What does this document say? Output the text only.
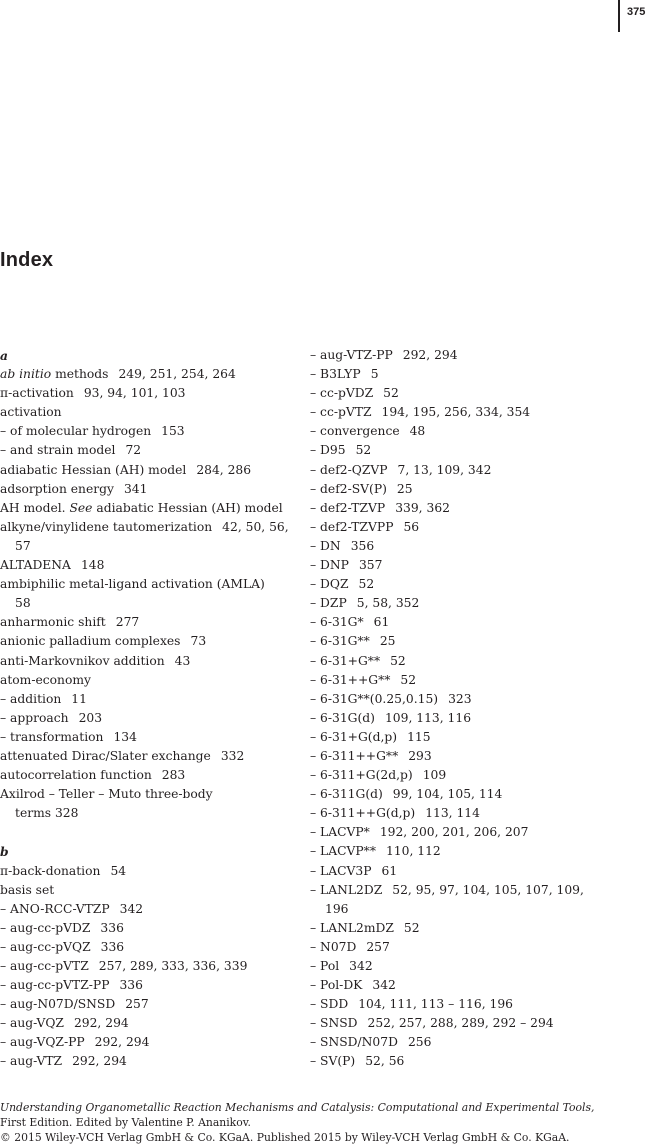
375
Index
a
ab initio methods 249, 251, 254, 264
π-activation 93, 94, 101, 103
activation
– of molecular hydrogen 153
– and strain model 72
adiabatic Hessian (AH) model 284, 286
adsorption energy 341
AH model. See adiabatic Hessian (AH) model
alkyne/vinylidene tautomerization 42, 50, 56,
57
ALTADENA 148
ambiphilic metal-ligand activation (AMLA)
58
anharmonic shift 277
anionic palladium complexes 73
anti-Markovnikov addition 43
atom-economy
– addition 11
– approach 203
– transformation 134
attenuated Dirac/Slater exchange 332
autocorrelation function 283
Axilrod – Teller – Muto three-body
terms 328
b
π-back-donation 54
basis set
– ANO-RCC-VTZP 342
– aug-cc-pVDZ 336
– aug-cc-pVQZ 336
– aug-cc-pVTZ 257, 289, 333, 336, 339
– aug-cc-pVTZ-PP 336
– aug-N07D/SNSD 257
– aug-VQZ 292, 294
– aug-VQZ-PP 292, 294
– aug-VTZ 292, 294
– aug-VTZ-PP 292, 294
– B3LYP 5
– cc-pVDZ 52
– cc-pVTZ 194, 195, 256, 334, 354
– convergence 48
– D95 52
– def2-QZVP 7, 13, 109, 342
– def2-SV(P) 25
– def2-TZVP 339, 362
– def2-TZVPP 56
– DN 356
– DNP 357
– DQZ 52
– DZP 5, 58, 352
– 6-31G* 61
– 6-31G** 25
– 6-31+G** 52
– 6-31++G** 52
– 6-31G**(0.25,0.15) 323
– 6-31G(d) 109, 113, 116
– 6-31+G(d,p) 115
– 6-311++G** 293
– 6-311+G(2d,p) 109
– 6-311G(d) 99, 104, 105, 114
– 6-311++G(d,p) 113, 114
– LACVP* 192, 200, 201, 206, 207
– LACVP** 110, 112
– LACV3P 61
– LANL2DZ 52, 95, 97, 104, 105, 107, 109,
196
– LANL2mDZ 52
– N07D 257
– Pol 342
– Pol-DK 342
– SDD 104, 111, 113 – 116, 196
– SNSD 252, 257, 288, 289, 292 – 294
– SNSD/N07D 256
– SV(P) 52, 56
Understanding Organometallic Reaction Mechanisms and Catalysis: Computational and Experimental Tools,
First Edition. Edited by Valentine P. Ananikov.
© 2015 Wiley-VCH Verlag GmbH & Co. KGaA. Published 2015 by Wiley-VCH Verlag GmbH & Co. KGaA.
